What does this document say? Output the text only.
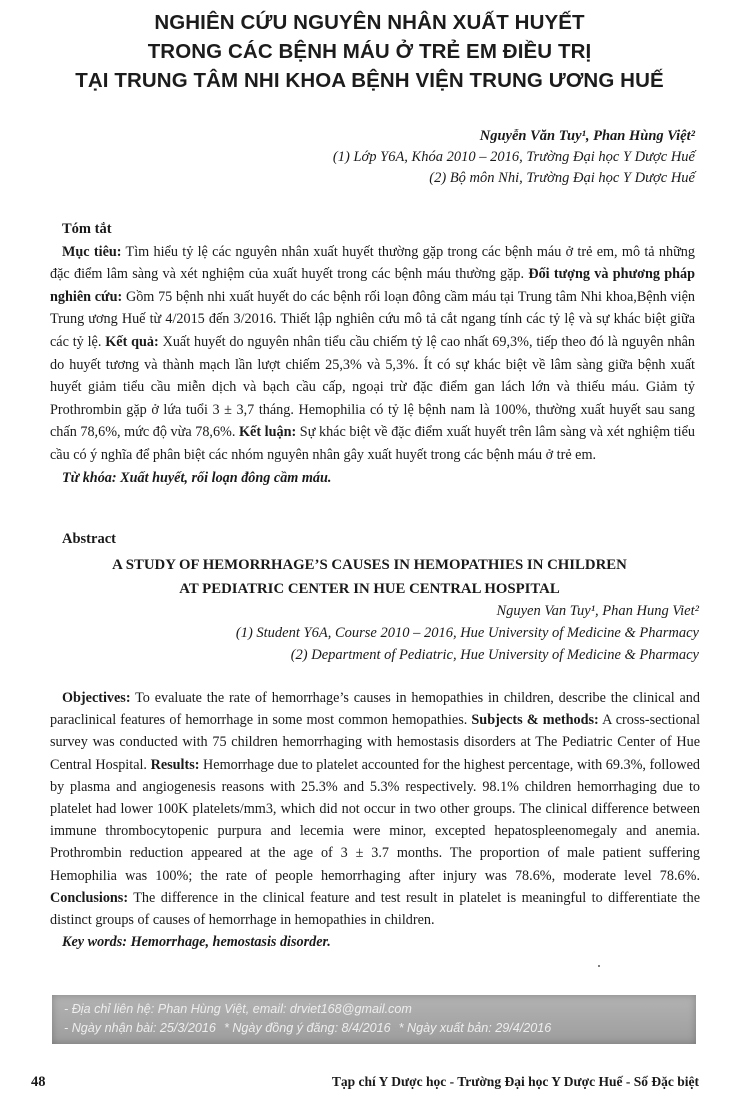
NGHIÊN CỨU NGUYÊN NHÂN XUẤT HUYẾT
TRONG CÁC BỆNH MÁU Ở TRẺ EM ĐIỀU TRỊ
TẠI TRUNG TÂM NHI KHOA BỆNH VIỆN TRUNG ƯƠNG HUẾ
Nguyễn Văn Tuy¹, Phan Hùng Việt²
(1) Lớp Y6A, Khóa 2010 – 2016, Trường Đại học Y Dược Huế
(2) Bộ môn Nhi, Trường Đại học Y Dược Huế
Tóm tắt
Mục tiêu: Tìm hiểu tỷ lệ các nguyên nhân xuất huyết thường gặp trong các bệnh máu ở trẻ em, mô tả những đặc điểm lâm sàng và xét nghiệm của xuất huyết trong các bệnh máu thường gặp. Đối tượng và phương pháp nghiên cứu: Gồm 75 bệnh nhi xuất huyết do các bệnh rối loạn đông cầm máu tại Trung tâm Nhi khoa,Bệnh viện Trung ương Huế từ 4/2015 đến 3/2016. Thiết lập nghiên cứu mô tả cắt ngang tính các tỷ lệ và sự khác biệt giữa các tỷ lệ. Kết quả: Xuất huyết do nguyên nhân tiểu cầu chiếm tỷ lệ cao nhất 69,3%, tiếp theo đó là nguyên nhân do huyết tương và thành mạch lần lượt chiếm 25,3% và 5,3%. Ít có sự khác biệt về lâm sàng giữa bệnh xuất huyết giảm tiểu cầu miễn dịch và bạch cầu cấp, ngoại trừ đặc điểm gan lách lớn và thiếu máu. Giảm tỷ Prothrombin gặp ở lứa tuổi 3 ± 3,7 tháng. Hemophilia có tỷ lệ bệnh nam là 100%, thường xuất huyết sau sang chấn 78,6%, mức độ vừa 78,6%. Kết luận: Sự khác biệt về đặc điểm xuất huyết trên lâm sàng và xét nghiệm tiểu cầu có ý nghĩa để phân biệt các nhóm nguyên nhân gây xuất huyết trong các bệnh máu ở trẻ em.
Từ khóa: Xuất huyết, rối loạn đông cầm máu.
Abstract
A STUDY OF HEMORRHAGE’S CAUSES IN HEMOPATHIES IN CHILDREN
AT PEDIATRIC CENTER IN HUE CENTRAL HOSPITAL
Nguyen Van Tuy¹, Phan Hung Viet²
(1) Student Y6A, Course 2010 – 2016, Hue University of Medicine & Pharmacy
(2) Department of Pediatric, Hue University of Medicine & Pharmacy
Objectives: To evaluate the rate of hemorrhage’s causes in hemopathies in children, describe the clinical and paraclinical features of hemorrhage in some most common hemopathies. Subjects & methods: A cross-sectional survey was conducted with 75 children hemorrhaging with hemostasis disorders at The Pediatric Center of Hue Central Hospital. Results: Hemorrhage due to platelet accounted for the highest percentage, with 69.3%, followed by plasma and angiogenesis reasons with 25.3% and 5.3% respectively. 98.1% children hemorrhaging due to platelet had lower 100K platelets/mm3, which did not occur in two other groups. The clinical difference between immune thrombocytopenic purpura and lecemia were minor, excepted hepatospleenomegaly and anemia. Prothrombin reduction appeared at the age of 3 ± 3.7 months. The proportion of male patient suffering Hemophilia was 100%; the rate of people hemorrhaging after injury was 78.6%, moderate level 78.6%. Conclusions: The difference in the clinical feature and test result in platelet is meaningful to differentiate the distinct groups of causes of hemorrhage in hemopathies in children.
Key words: Hemorrhage, hemostasis disorder.
- Địa chỉ liên hệ: Phan Hùng Việt, email: drviet168@gmail.com
- Ngày nhận bài: 25/3/2016 * Ngày đồng ý đăng: 8/4/2016 * Ngày xuất bản: 29/4/2016
48	Tạp chí Y Dược học - Trường Đại học Y Dược Huế - Số Đặc biệt
